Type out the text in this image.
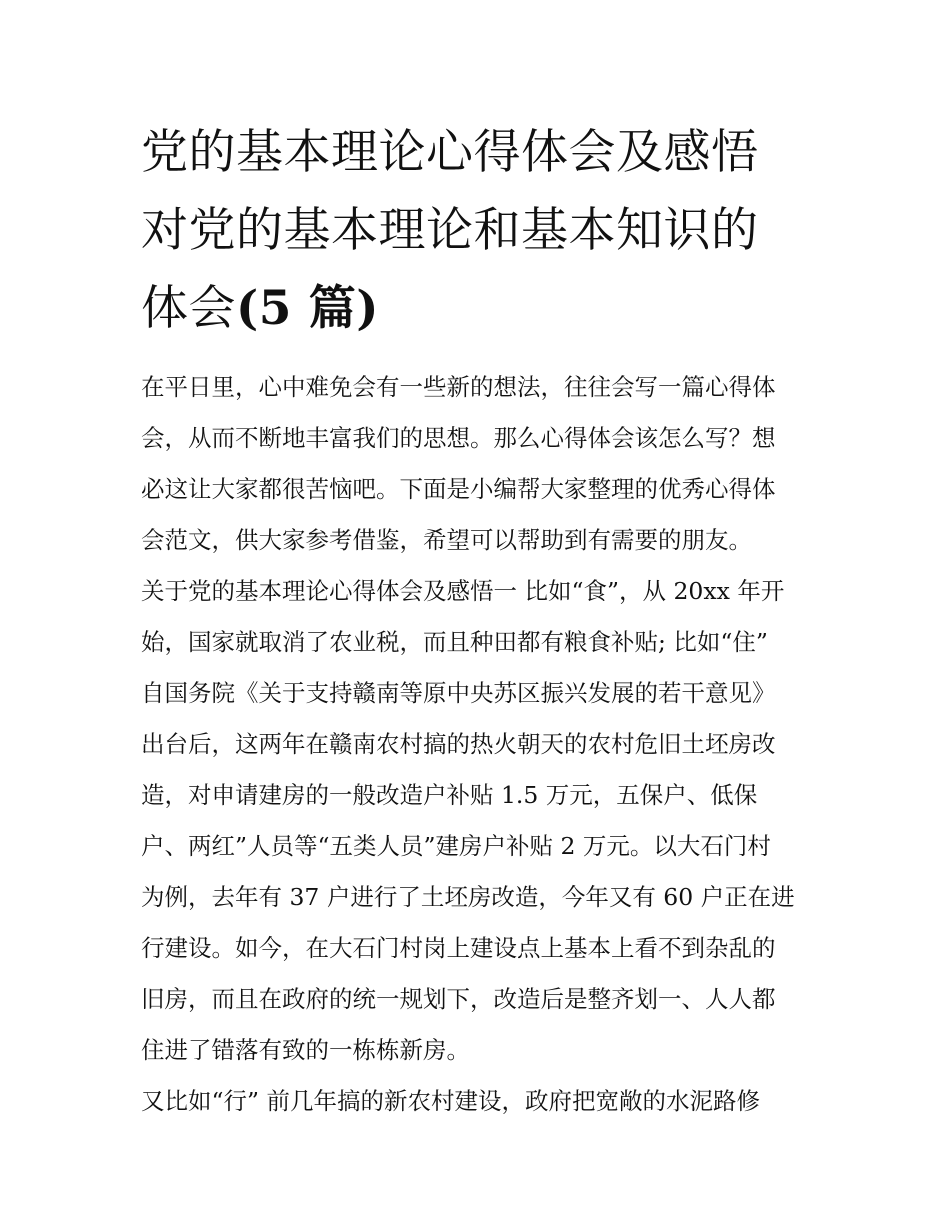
党的基本理论心得体会及感悟
对党的基本理论和基本知识的
体会(5 篇)
在平日里，心中难免会有一些新的想法，往往会写一篇心得体
会，从而不断地丰富我们的思想。那么心得体会该怎么写？想
必这让大家都很苦恼吧。下面是小编帮大家整理的优秀心得体
会范文，供大家参考借鉴，希望可以帮助到有需要的朋友。
关于党的基本理论心得体会及感悟一 比如“食”，从 20xx 年开
始，国家就取消了农业税，而且种田都有粮食补贴; 比如“住”
自国务院《关于支持赣南等原中央苏区振兴发展的若干意见》
出台后，这两年在赣南农村搞的热火朝天的农村危旧土坯房改
造，对申请建房的一般改造户补贴 1.5 万元，五保户、低保
户、两红”人员等“五类人员”建房户补贴 2 万元。以大石门村
为例，去年有 37 户进行了土坯房改造，今年又有 60 户正在进
行建设。如今，在大石门村岗上建设点上基本上看不到杂乱的
旧房，而且在政府的统一规划下，改造后是整齐划一、人人都
住进了错落有致的一栋栋新房。
又比如“行” 前几年搞的新农村建设，政府把宽敞的水泥路修
